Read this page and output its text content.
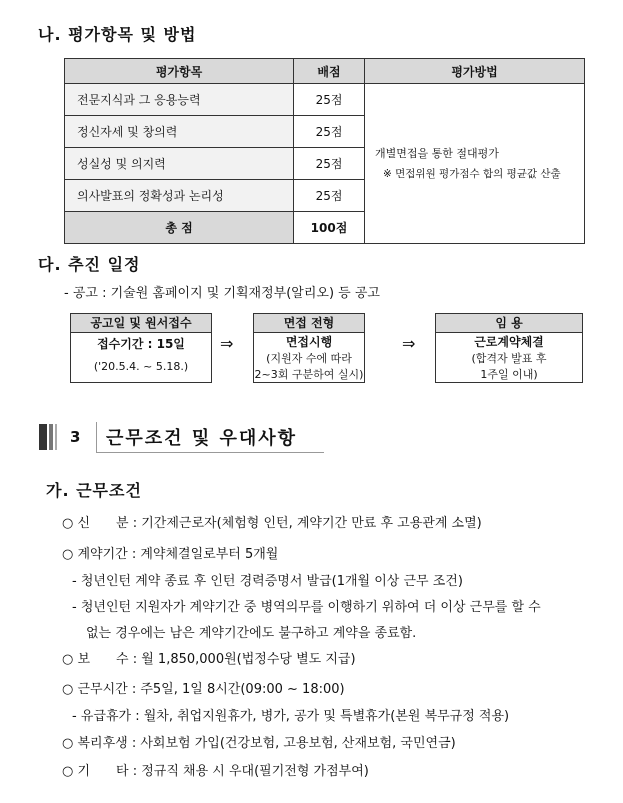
나. 평가항목 및 방법
평가항목	배점	평가방법
전문지식과 그 응용능력	25점	개별면접을 통한 절대평가
※ 면접위원 평가점수 합의 평균값 산출

정신자세 및 창의력	25점	
성실성 및 의지력	25점	
의사발표의 정확성과 논리성	25점	
총 점	100점	
다. 추진 일정
- 공고 : 기술원 홈페이지 및 기획재정부(알리오) 등 공고
공고일 및 원서접수
접수기간 : 15일
('20.5.4. ~ 5.18.)
⇒
면접 전형
면접시행
(지원자 수에 따라
2~3회 구분하여 실시)
⇒
임 용
근로계약체결
(합격자 발표 후
1주일 이내)
3 근무조건 및 우대사항
가. 근무조건
○ 신　　분 : 기간제근로자(체험형 인턴, 계약기간 만료 후 고용관계 소멸)
○ 계약기간 : 계약체결일로부터 5개월
- 청년인턴 계약 종료 후 인턴 경력증명서 발급(1개월 이상 근무 조건)
- 청년인턴 지원자가 계약기간 중 병역의무를 이행하기 위하여 더 이상 근무를 할 수
없는 경우에는 남은 계약기간에도 불구하고 계약을 종료함.
○ 보　　수 : 월 1,850,000원(법정수당 별도 지급)
○ 근무시간 : 주5일, 1일 8시간(09:00 ~ 18:00)
- 유급휴가 : 월차, 취업지원휴가, 병가, 공가 및 특별휴가(본원 복무규정 적용)
○ 복리후생 : 사회보험 가입(건강보험, 고용보험, 산재보험, 국민연금)
○ 기　　타 : 정규직 채용 시 우대(필기전형 가점부여)
